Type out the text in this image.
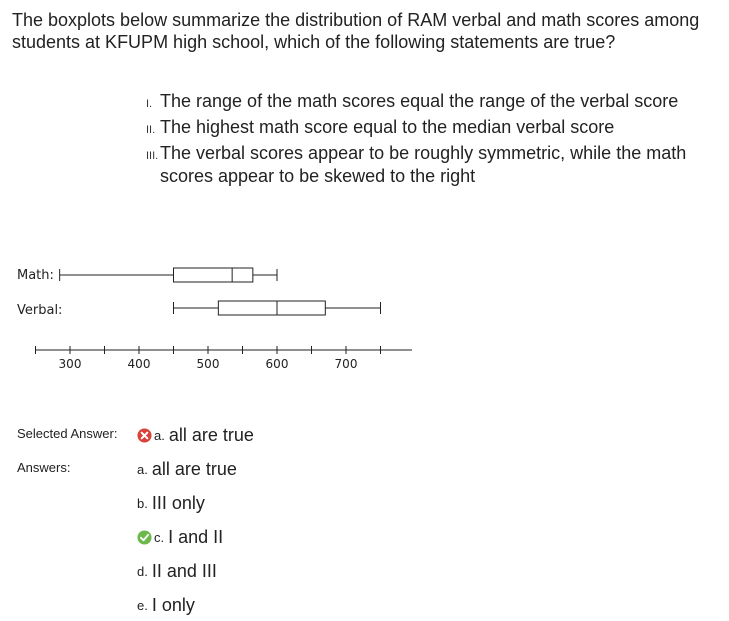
The boxplots below summarize the distribution of RAM verbal and math scores among students at KFUPM high school, which of the following statements are true?
I. The range of the math scores equal the range of the verbal score
II. The highest math score equal to the median verbal score
III. The verbal scores appear to be roughly symmetric, while the math scores appear to be skewed to the right
Math:
Verbal:
300	400	500	600	700
Selected Answer:	a. all are true
Answers:	a. all are true
b. III only
c. I and II
d. II and III
e. I only
